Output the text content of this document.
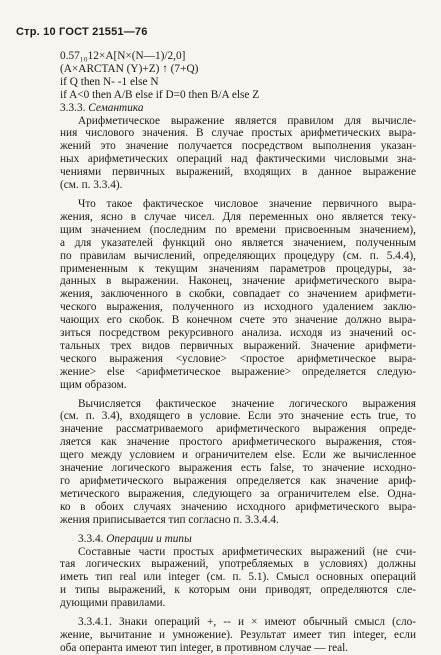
Стр. 10 ГОСТ 21551—76
0.57₁₀12×A[N×(N—1)/2,0]
(A×ARCTAN (Y)+Z) ↑ (7+Q)
if Q then N- -1 else N
if A<0 then A/B else if D=0 then B/A else Z
3.3.3. Семантика
Арифметическое выражение является правилом для вычисле-
ния числового значения. В случае простых арифметических выра-
жений это значение получается посредством выполнения указан-
ных арифметических операций над фактическими числовыми зна-
чениями первичных выражений, входящих в данное выражение
(см. п. 3.3.4).
Что такое фактическое числовое значение первичного выра-
жения, ясно в случае чисел. Для переменных оно является теку-
щим значением (последним по времени присвоенным значением),
а для указателей функций оно является значением, полученным
по правилам вычислений, определяющих процедуру (см. п. 5.4.4),
примененным к текущим значениям параметров процедуры, за-
данных в выражении. Наконец, значение арифметического выра-
жения, заключенного в скобки, совпадает со значением арифмети-
ческого выражения, полученного из исходного удалением заклю-
чающих его скобок. В конечном счете это значение должно выра-
зиться посредством рекурсивного анализа. исходя из значений ос-
тальных трех видов первичных выражений. Значение арифмети-
ческого выражения <условие> <простое арифметическое выра-
жение> else <арифметическое выражение> определяется следую-
щим образом.
Вычисляется фактическое значение логического выражения
(см. п. 3.4), входящего в условие. Если это значение есть true, то
значение рассматриваемого арифметического выражения опреде-
ляется как значение простого арифметического выражения, стоя-
щего между условием и ограничителем else. Если же вычисленное
значение логического выражения есть false, то значение исходно-
го арифметического выражения определяется как значение ариф-
метического выражения, следующего за ограничителем else. Одна-
ко в обоих случаях значению исходного арифметического выра-
жения приписывается тип согласно п. 3.3.4.4.
3.3.4. Операции и типы
Составные части простых арифметических выражений (не счи-
тая логических выражений, употребляемых в условиях) должны
иметь тип real или integer (см. п. 5.1). Смысл основных операций
и типы выражений, к которым они приводят, определяются сле-
дующими правилами.
3.3.4.1. Знаки операций +, -- и × имеют обычный смысл (сло-
жение, вычитание и умножение). Результат имеет тип integer, если
оба операнта имеют тип integer, в противном случае — real.
